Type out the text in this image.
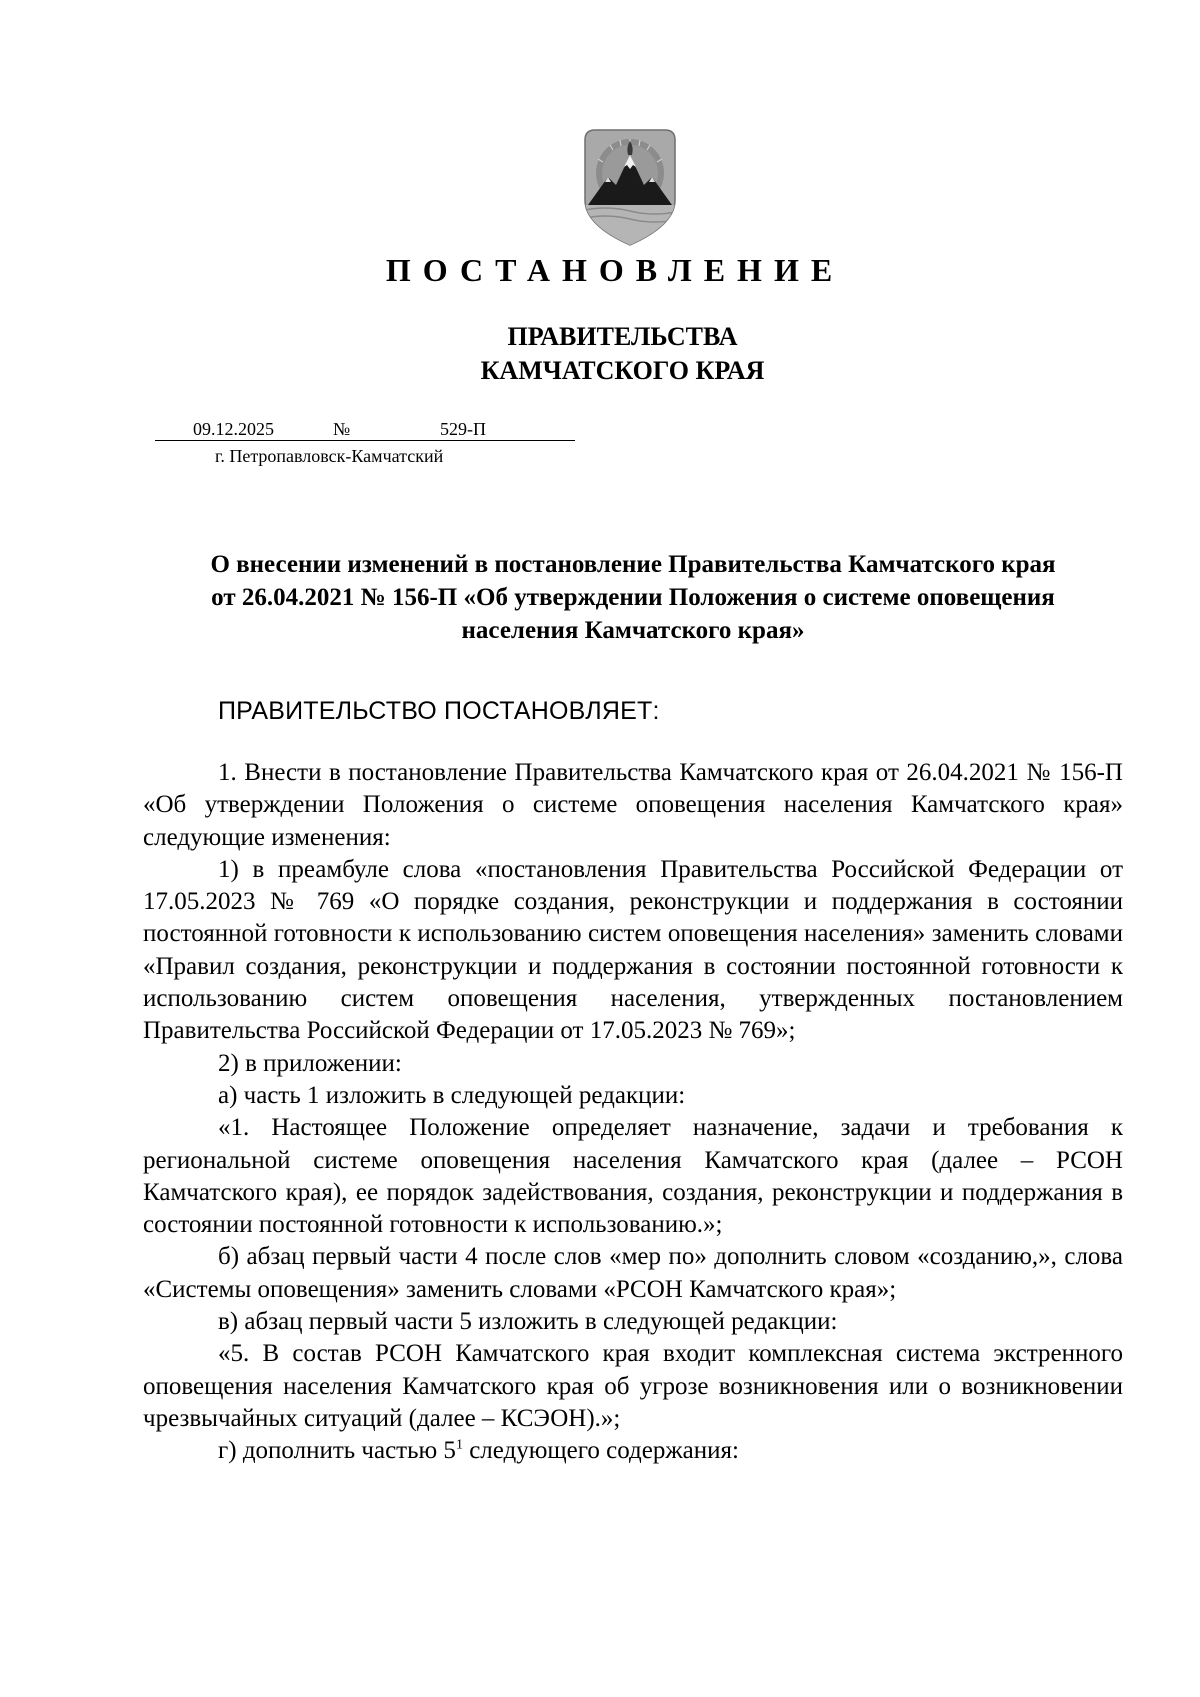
ПОСТАНОВЛЕНИЕ
ПРАВИТЕЛЬСТВА
КАМЧАТСКОГО КРАЯ
09.12.2025	№	529-П
г. Петропавловск-Камчатский
О внесении изменений в постановление Правительства Камчатского края
от 26.04.2021 № 156-П «Об утверждении Положения о системе оповещения
населения Камчатского края»
ПРАВИТЕЛЬСТВО ПОСТАНОВЛЯЕТ:

1. Внести в постановление Правительства Камчатского края от 26.04.2021 № 156-П «Об утверждении Положения о системе оповещения населения Камчатского края» следующие изменения:

1) в преамбуле слова «постановления Правительства Российской Федерации от 17.05.2023 № 769 «О порядке создания, реконструкции и поддержания в состоянии постоянной готовности к использованию систем оповещения населения» заменить словами «Правил создания, реконструкции и поддержания в состоянии постоянной готовности к использованию систем оповещения населения, утвержденных постановлением Правительства Российской Федерации от 17.05.2023 № 769»;

2) в приложении:

а) часть 1 изложить в следующей редакции:

«1. Настоящее Положение определяет назначение, задачи и требования к региональной системе оповещения населения Камчатского края (далее – РСОН Камчатского края), ее порядок задействования, создания, реконструкции и поддержания в состоянии постоянной готовности к использованию.»;

б) абзац первый части 4 после слов «мер по» дополнить словом «созданию,», слова «Системы оповещения» заменить словами «РСОН Камчатского края»;

в) абзац первый части 5 изложить в следующей редакции:

«5. В состав РСОН Камчатского края входит комплексная система экстренного оповещения населения Камчатского края об угрозе возникновения или о возникновении чрезвычайных ситуаций (далее – КСЭОН).»;

г) дополнить частью $5^1$ следующего содержания:
